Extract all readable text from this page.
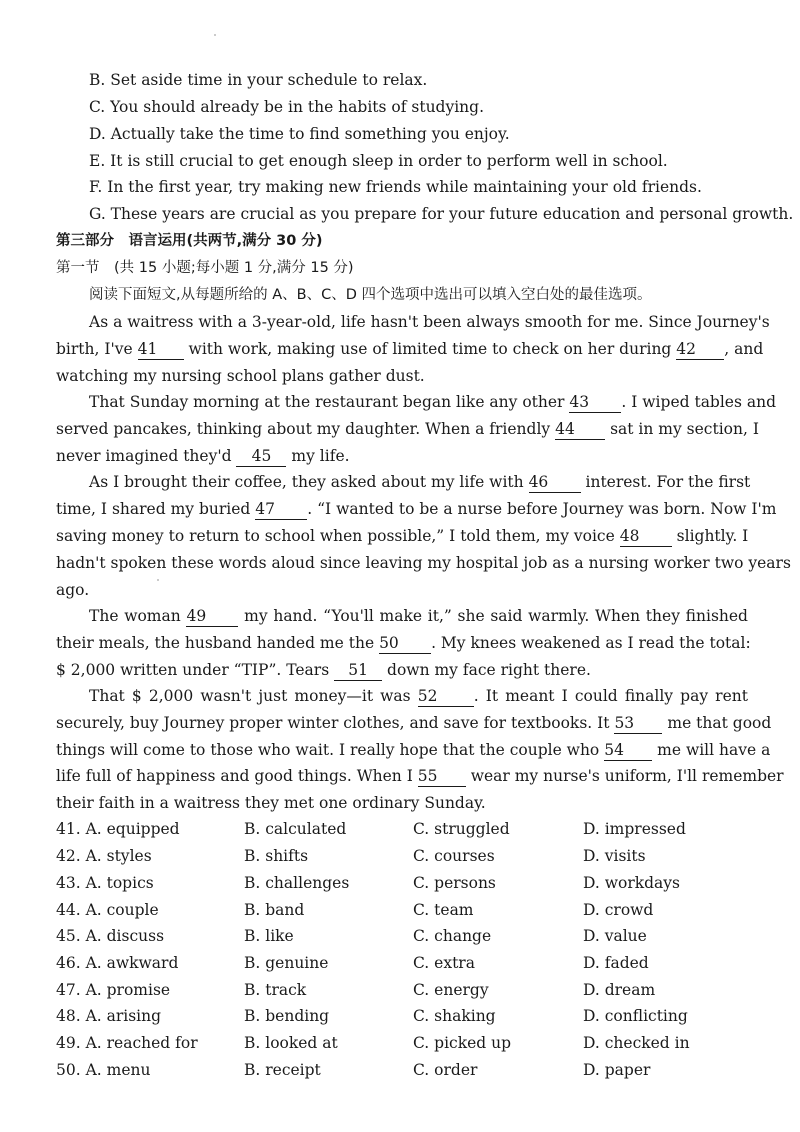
B. Set aside time in your schedule to relax.
C. You should already be in the habits of studying.
D. Actually take the time to find something you enjoy.
E. It is still crucial to get enough sleep in order to perform well in school.
F. In the first year, try making new friends while maintaining your old friends.
G. These years are crucial as you prepare for your future education and personal growth.
第三部分　语言运用(共两节,满分 30 分)
第一节　(共 15 小题;每小题 1 分,满分 15 分)
阅读下面短文,从每题所给的 A、B、C、D 四个选项中选出可以填入空白处的最佳选项。
As a waitress with a 3-year-old, life hasn't been always smooth for me. Since Journey's
birth, I've 41 with work, making use of limited time to check on her during 42 , and
watching my nursing school plans gather dust.
That Sunday morning at the restaurant began like any other 43 . I wiped tables and
served pancakes, thinking about my daughter. When a friendly 44 sat in my section, I
never imagined they'd 45 my life.
As I brought their coffee, they asked about my life with 46 interest. For the first
time, I shared my buried 47 . “I wanted to be a nurse before Journey was born. Now I'm
saving money to return to school when possible,” I told them, my voice 48 slightly. I
hadn't spoken these words aloud since leaving my hospital job as a nursing worker two years
ago.
The woman 49 my hand. “You'll make it,” she said warmly. When they finished
their meals, the husband handed me the 50 . My knees weakened as I read the total:
$ 2,000 written under “TIP”. Tears 51 down my face right there.
That $ 2,000 wasn't just money—it was 52 . It meant I could finally pay rent
securely, buy Journey proper winter clothes, and save for textbooks. It 53 me that good
things will come to those who wait. I really hope that the couple who 54 me will have a
life full of happiness and good things. When I 55 wear my nurse's uniform, I'll remember
their faith in a waitress they met one ordinary Sunday.
41. A. equipped	B. calculated	C. struggled	D. impressed
42. A. styles	B. shifts	C. courses	D. visits
43. A. topics	B. challenges	C. persons	D. workdays
44. A. couple	B. band	C. team	D. crowd
45. A. discuss	B. like	C. change	D. value
46. A. awkward	B. genuine	C. extra	D. faded
47. A. promise	B. track	C. energy	D. dream
48. A. arising	B. bending	C. shaking	D. conflicting
49. A. reached for	B. looked at	C. picked up	D. checked in
50. A. menu	B. receipt	C. order	D. paper
